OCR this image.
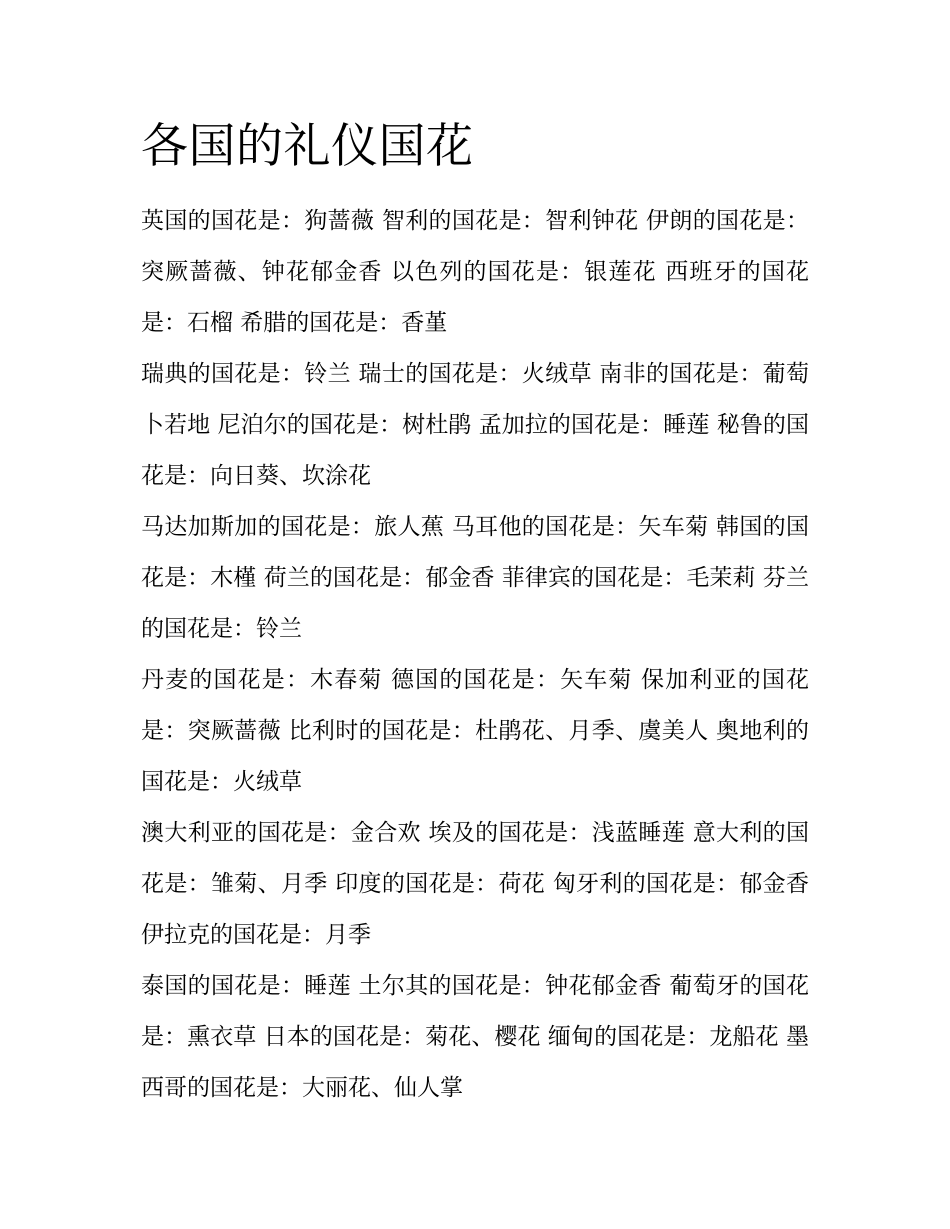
各国的礼仪国花

英国的国花是：狗蔷薇 智利的国花是：智利钟花 伊朗的国花是：突厥蔷薇、钟花郁金香 以色列的国花是：银莲花 西班牙的国花是：石榴 希腊的国花是：香堇

瑞典的国花是：铃兰 瑞士的国花是：火绒草 南非的国花是：葡萄卜若地 尼泊尔的国花是：树杜鹃 孟加拉的国花是：睡莲 秘鲁的国花是：向日葵、坎涂花

马达加斯加的国花是：旅人蕉 马耳他的国花是：矢车菊 韩国的国花是：木槿 荷兰的国花是：郁金香 菲律宾的国花是：毛茉莉 芬兰的国花是：铃兰

丹麦的国花是：木春菊 德国的国花是：矢车菊 保加利亚的国花是：突厥蔷薇 比利时的国花是：杜鹃花、月季、虞美人 奥地利的国花是：火绒草

澳大利亚的国花是：金合欢 埃及的国花是：浅蓝睡莲 意大利的国花是：雏菊、月季 印度的国花是：荷花 匈牙利的国花是：郁金香 伊拉克的国花是：月季

泰国的国花是：睡莲 土尔其的国花是：钟花郁金香 葡萄牙的国花是：熏衣草 日本的国花是：菊花、樱花 缅甸的国花是：龙船花 墨西哥的国花是：大丽花、仙人掌
